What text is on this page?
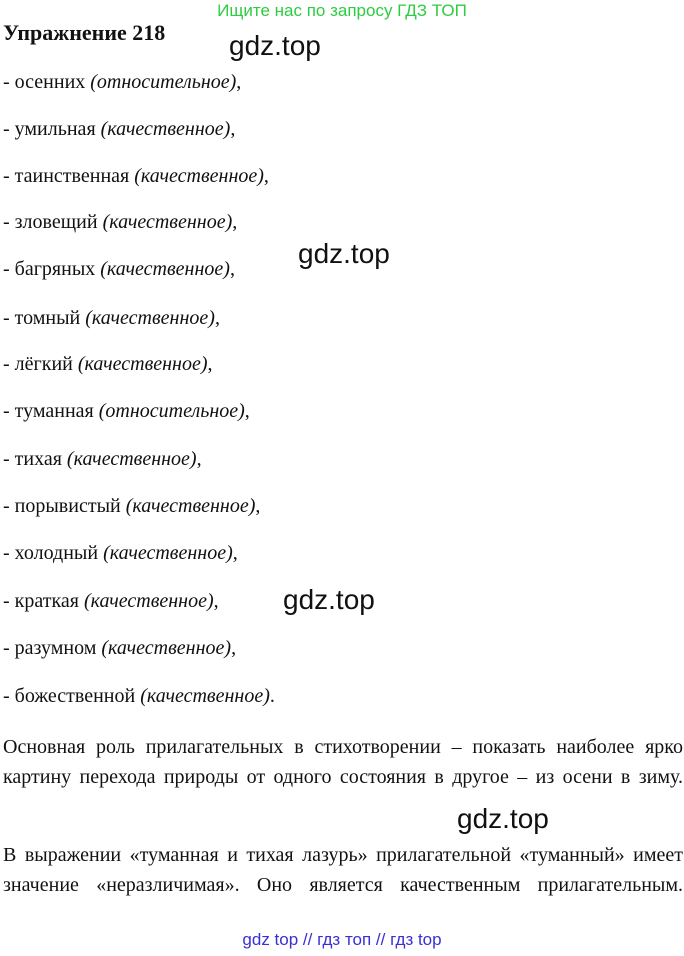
Ищите нас по запросу ГДЗ ТОП
Упражнение 218 gdz.top
gdz.top
gdz.top
gdz.top
- осенних (относительное),
- умильная (качественное),
- таинственная (качественное),
- зловещий (качественное),
- багряных (качественное),
- томный (качественное),
- лёгкий (качественное),
- туманная (относительное),
- тихая (качественное),
- порывистый (качественное),
- холодный (качественное),
- краткая (качественное),
- разумном (качественное),
- божественной (качественное).

Основная роль прилагательных в стихотворении – показать наиболее ярко картину перехода природы от одного состояния в другое – из осени в зиму.

В выражении «туманная и тихая лазурь» прилагательной «туманный» имеет значение «неразличимая». Оно является качественным прилагательным.

gdz top // гдз топ // гдз top
